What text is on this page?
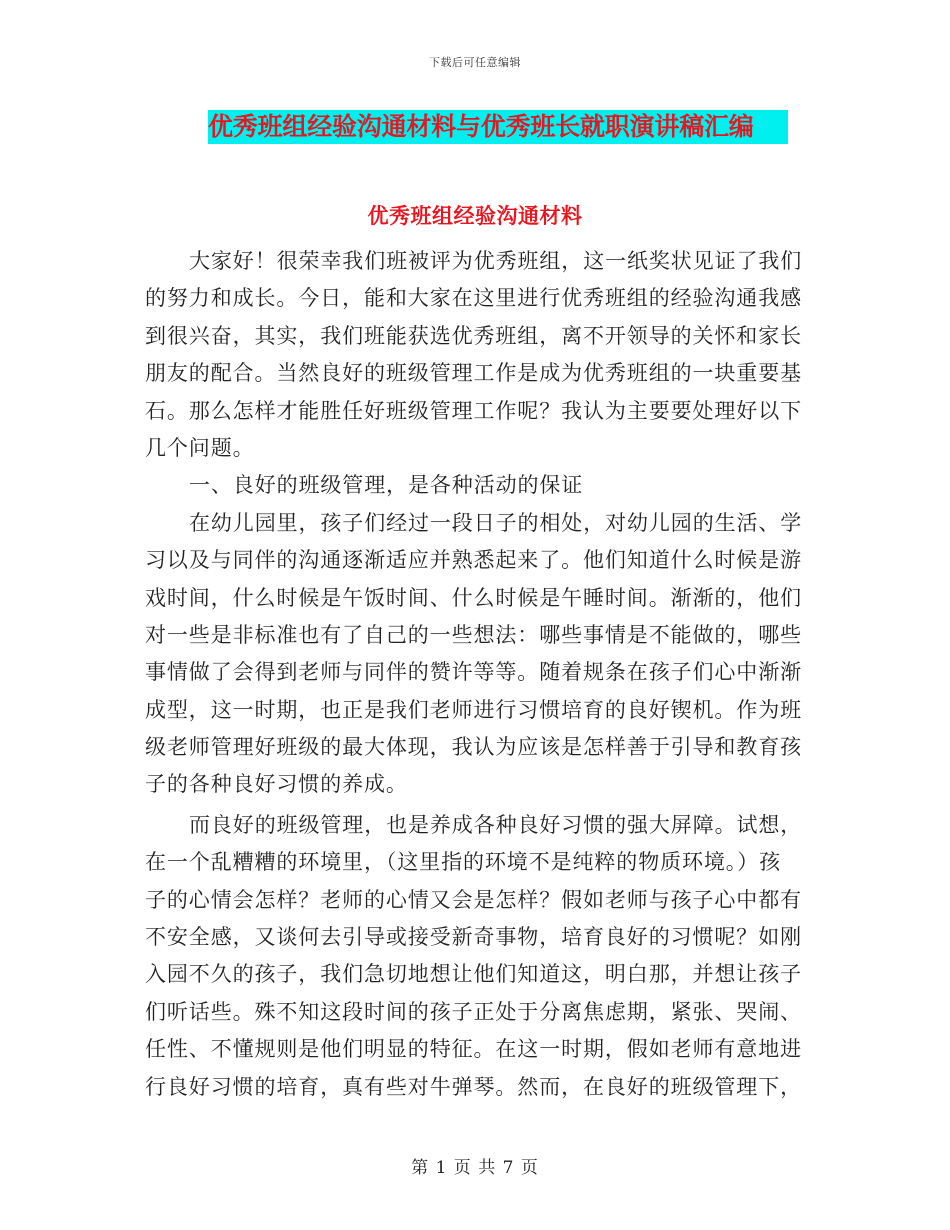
下载后可任意编辑
优秀班组经验沟通材料与优秀班长就职演讲稿汇编
优秀班组经验沟通材料
大家好！很荣幸我们班被评为优秀班组，这一纸奖状见证了我们
的努力和成长。今日，能和大家在这里进行优秀班组的经验沟通我感
到很兴奋，其实，我们班能获选优秀班组，离不开领导的关怀和家长
朋友的配合。当然良好的班级管理工作是成为优秀班组的一块重要基
石。那么怎样才能胜任好班级管理工作呢？我认为主要要处理好以下
几个问题。
一、良好的班级管理，是各种活动的保证
在幼儿园里，孩子们经过一段日子的相处，对幼儿园的生活、学
习以及与同伴的沟通逐渐适应并熟悉起来了。他们知道什么时候是游
戏时间，什么时候是午饭时间、什么时候是午睡时间。渐渐的，他们
对一些是非标准也有了自己的一些想法：哪些事情是不能做的，哪些
事情做了会得到老师与同伴的赞许等等。随着规条在孩子们心中渐渐
成型，这一时期，也正是我们老师进行习惯培育的良好锲机。作为班
级老师管理好班级的最大体现，我认为应该是怎样善于引导和教育孩
子的各种良好习惯的养成。
而良好的班级管理，也是养成各种良好习惯的强大屏障。试想，
在一个乱糟糟的环境里，（这里指的环境不是纯粹的物质环境。）孩
子的心情会怎样？老师的心情又会是怎样？假如老师与孩子心中都有
不安全感，又谈何去引导或接受新奇事物，培育良好的习惯呢？如刚
入园不久的孩子，我们急切地想让他们知道这，明白那，并想让孩子
们听话些。殊不知这段时间的孩子正处于分离焦虑期，紧张、哭闹、
任性、不懂规则是他们明显的特征。在这一时期，假如老师有意地进
行良好习惯的培育，真有些对牛弹琴。然而，在良好的班级管理下，
第 1 页 共 7 页
